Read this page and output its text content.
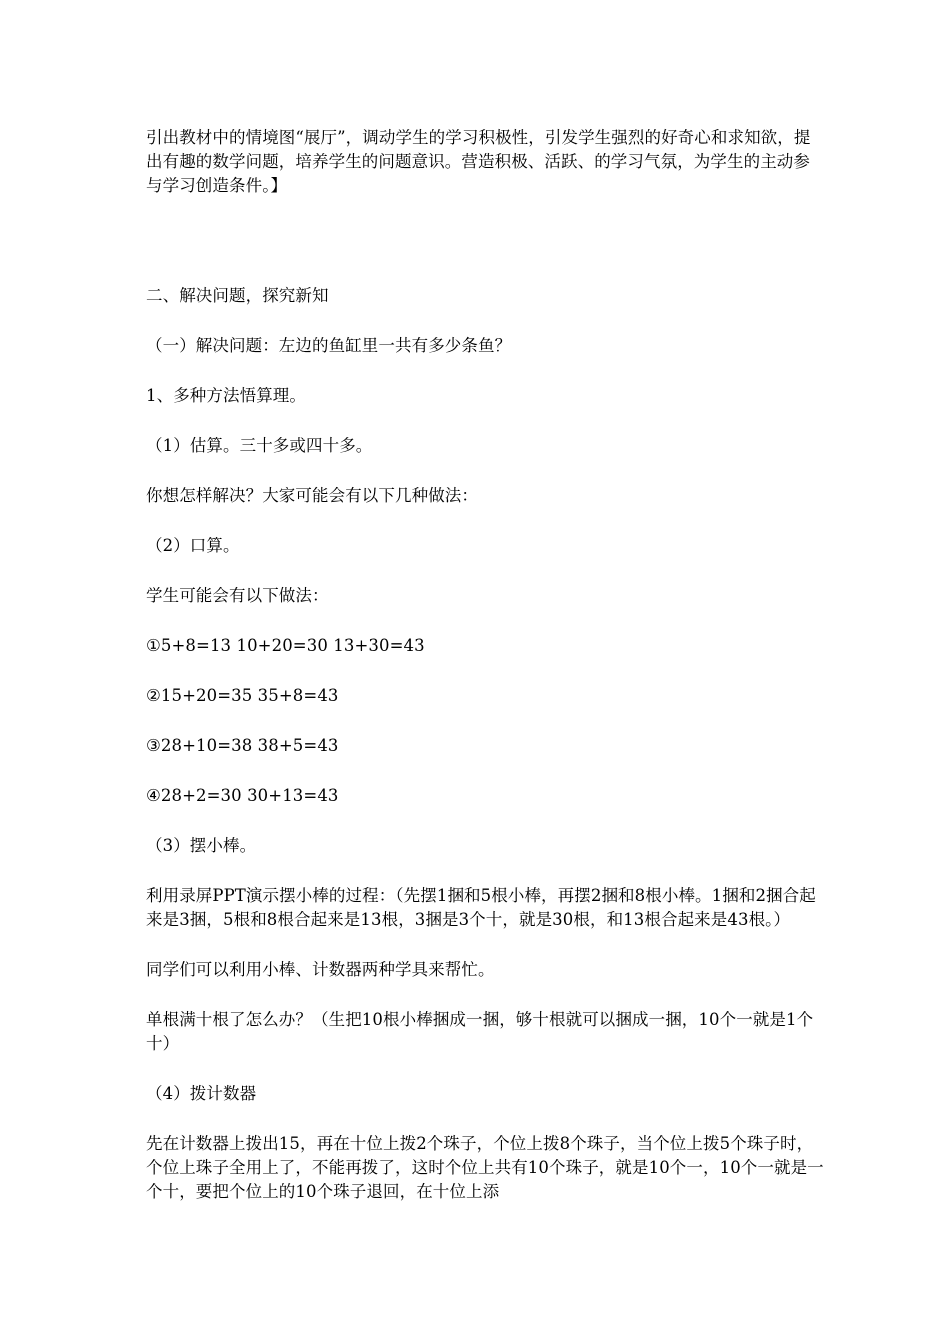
引出教材中的情境图“展厅”，调动学生的学习积极性，引发学生强烈的好奇心和求知欲，提出有趣的数学问题，培养学生的问题意识。营造积极、活跃、的学习气氛，为学生的主动参与学习创造条件。】

二、解决问题，探究新知

（一）解决问题：左边的鱼缸里一共有多少条鱼？

1、多种方法悟算理。

（1）估算。三十多或四十多。

你想怎样解决？大家可能会有以下几种做法：

（2）口算。

学生可能会有以下做法：

①5+8=13 10+20=30 13+30=43

②15+20=35 35+8=43

③28+10=38 38+5=43

④28+2=30 30+13=43

（3）摆小棒。

利用录屏PPT演示摆小棒的过程：（先摆1捆和5根小棒，再摆2捆和8根小棒。1捆和2捆合起来是3捆，5根和8根合起来是13根，3捆是3个十，就是30根，和13根合起来是43根。）

同学们可以利用小棒、计数器两种学具来帮忙。

单根满十根了怎么办？（生把10根小棒捆成一捆，够十根就可以捆成一捆，10个一就是1个十）

（4）拨计数器

先在计数器上拨出15，再在十位上拨2个珠子，个位上拨8个珠子，当个位上拨5个珠子时，个位上珠子全用上了，不能再拨了，这时个位上共有10个珠子，就是10个一，10个一就是一个十，要把个位上的10个珠子退回，在十位上添
